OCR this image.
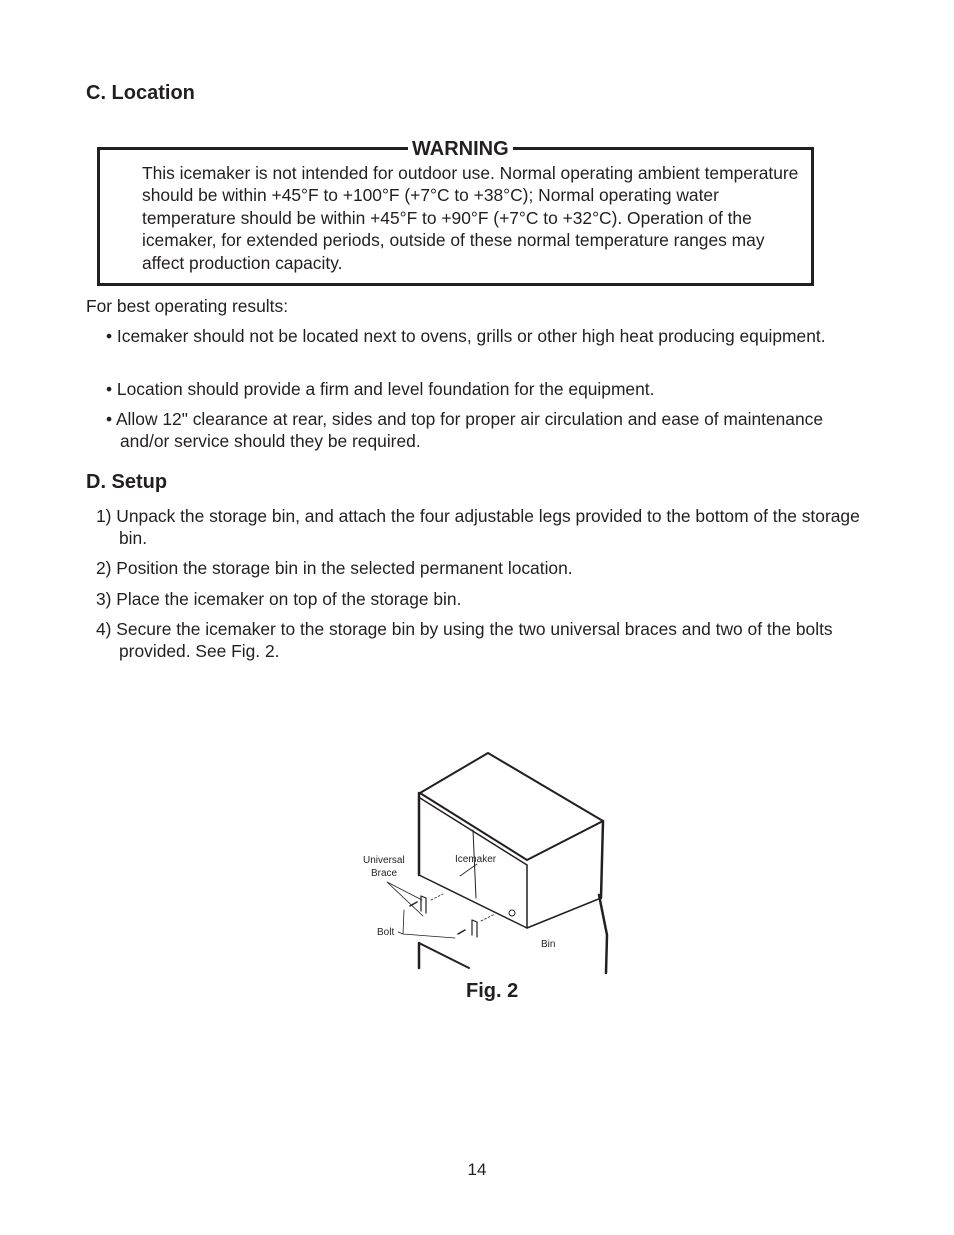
C. Location
WARNING

This icemaker is not intended for outdoor use. Normal operating ambient temperature should be within +45°F to +100°F (+7°C to +38°C); Normal operating water temperature should be within +45°F to +90°F (+7°C to +32°C). Operation of the icemaker, for extended periods, outside of these normal temperature ranges may affect production capacity.

For best operating results:

• Icemaker should not be located next to ovens, grills or other high heat producing equipment.

• Location should provide a firm and level foundation for the equipment.

• Allow 12" clearance at rear, sides and top for proper air circulation and ease of maintenance and/or service should they be required.

D. Setup

1) Unpack the storage bin, and attach the four adjustable legs provided to the bottom of the storage bin.

2) Position the storage bin in the selected permanent location.

3) Place the icemaker on top of the storage bin.

4) Secure the icemaker to the storage bin by using the two universal braces and two of the bolts provided. See Fig. 2.

Universal
Brace
Icemaker
Bolt
Bin
Fig. 2
14
